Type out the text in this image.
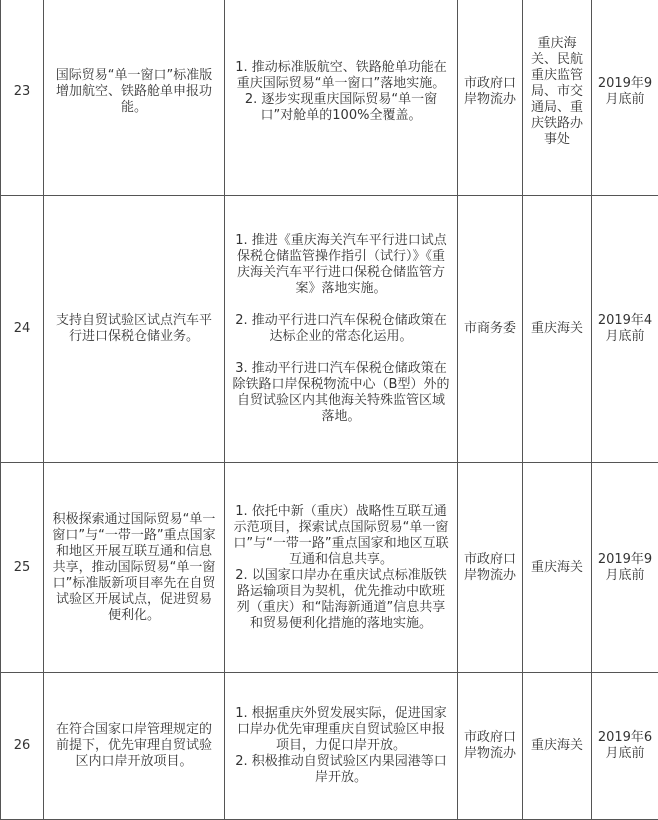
23	国际贸易“单一窗口”标准版增加航空、铁路舱单申报功能。	1. 推动标准版航空、铁路舱单功能在重庆国际贸易“单一窗口”落地实施。

2. 逐步实现重庆国际贸易“单一窗口”对舱单的100%全覆盖。	市政府口岸物流办	重庆海关、民航重庆监管局、市交通局、重庆铁路办事处	2019年9月底前
24	支持自贸试验区试点汽车平行进口保税仓储业务。	1. 推进《重庆海关汽车平行进口试点保税仓储监管操作指引（试行）》《重庆海关汽车平行进口保税仓储监管方案》落地实施。

2. 推动平行进口汽车保税仓储政策在达标企业的常态化运用。

3. 推动平行进口汽车保税仓储政策在除铁路口岸保税物流中心（B型）外的自贸试验区内其他海关特殊监管区域落地。	市商务委	重庆海关	2019年4月底前
25	积极探索通过国际贸易“单一窗口”与“一带一路”重点国家和地区开展互联互通和信息共享，推动国际贸易“单一窗口”标准版新项目率先在自贸试验区开展试点，促进贸易便利化。	1. 依托中新（重庆）战略性互联互通示范项目，探索试点国际贸易“单一窗口”与“一带一路”重点国家和地区互联互通和信息共享。

2. 以国家口岸办在重庆试点标准版铁路运输项目为契机，优先推动中欧班列（重庆）和“陆海新通道”信息共享和贸易便利化措施的落地实施。	市政府口岸物流办	重庆海关	2019年9月底前
26	在符合国家口岸管理规定的前提下，优先审理自贸试验区内口岸开放项目。	1. 根据重庆外贸发展实际，促进国家口岸办优先审理重庆自贸试验区申报项目，力促口岸开放。

2. 积极推动自贸试验区内果园港等口岸开放。	市政府口岸物流办	重庆海关	2019年6月底前
